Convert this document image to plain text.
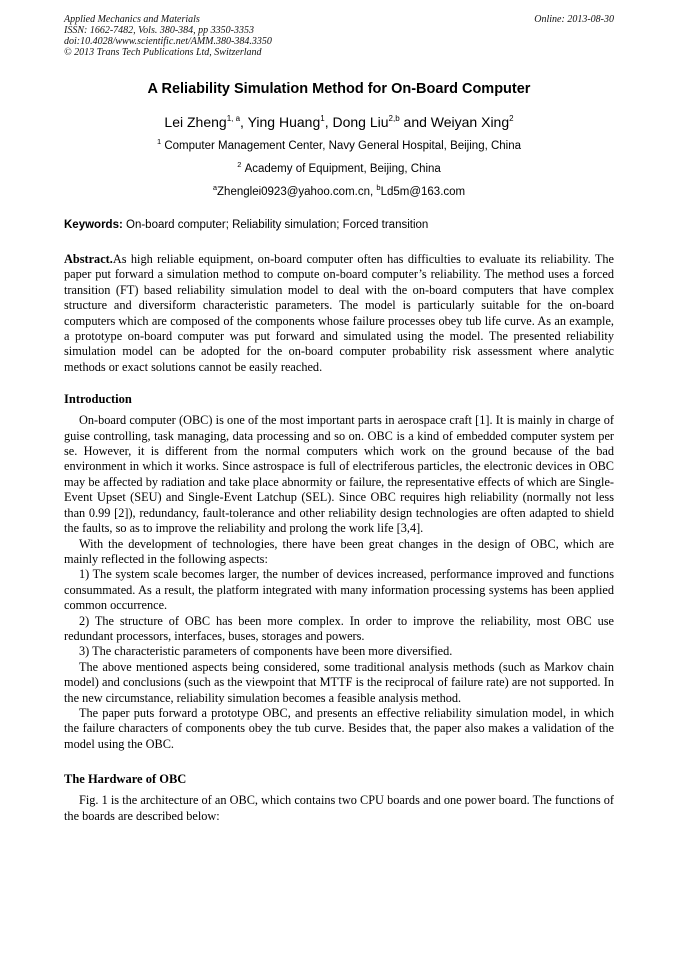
Applied Mechanics and Materials
ISSN: 1662-7482, Vols. 380-384, pp 3350-3353
doi:10.4028/www.scientific.net/AMM.380-384.3350
© 2013 Trans Tech Publications Ltd, Switzerland
Online: 2013-08-30
A Reliability Simulation Method for On-Board Computer
Lei Zheng$^{1, a}$, Ying Huang$^1$, Dong Liu$^{2,b}$ and Weiyan Xing$^2$
$^1$ Computer Management Center, Navy General Hospital, Beijing, China
$^2$ Academy of Equipment, Beijing, China
$^a$Zhenglei0923@yahoo.com.cn, $^b$Ld5m@163.com
Keywords: On-board computer; Reliability simulation; Forced transition
Abstract.As high reliable equipment, on-board computer often has difficulties to evaluate its reliability. The paper put forward a simulation method to compute on-board computer’s reliability. The method uses a forced transition (FT) based reliability simulation model to deal with the on-board computers that have complex structure and diversiform characteristic parameters. The model is particularly suitable for the on-board computers which are composed of the components whose failure processes obey tub life curve. As an example, a prototype on-board computer was put forward and simulated using the model. The presented reliability simulation model can be adopted for the on-board computer probability risk assessment where analytic methods or exact solutions cannot be easily reached.
Introduction
On-board computer (OBC) is one of the most important parts in aerospace craft [1]. It is mainly in charge of guise controlling, task managing, data processing and so on. OBC is a kind of embedded computer system per se. However, it is different from the normal computers which work on the ground because of the bad environment in which it works. Since astrospace is full of electriferous particles, the electronic devices in OBC may be affected by radiation and take place abnormity or failure, the representative effects of which are Single-Event Upset (SEU) and Single-Event Latchup (SEL). Since OBC requires high reliability (normally not less than 0.99 [2]), redundancy, fault-tolerance and other reliability design technologies are often adapted to shield the faults, so as to improve the reliability and prolong the work life [3,4].
With the development of technologies, there have been great changes in the design of OBC, which are mainly reflected in the following aspects:
1) The system scale becomes larger, the number of devices increased, performance improved and functions consummated. As a result, the platform integrated with many information processing systems has been applied common occurrence.
2) The structure of OBC has been more complex. In order to improve the reliability, most OBC use redundant processors, interfaces, buses, storages and powers.
3) The characteristic parameters of components have been more diversified.
The above mentioned aspects being considered, some traditional analysis methods (such as Markov chain model) and conclusions (such as the viewpoint that MTTF is the reciprocal of failure rate) are not supported. In the new circumstance, reliability simulation becomes a feasible analysis method.
The paper puts forward a prototype OBC, and presents an effective reliability simulation model, in which the failure characters of components obey the tub curve. Besides that, the paper also makes a validation of the model using the OBC.
The Hardware of OBC
Fig. 1 is the architecture of an OBC, which contains two CPU boards and one power board. The functions of the boards are described below:
